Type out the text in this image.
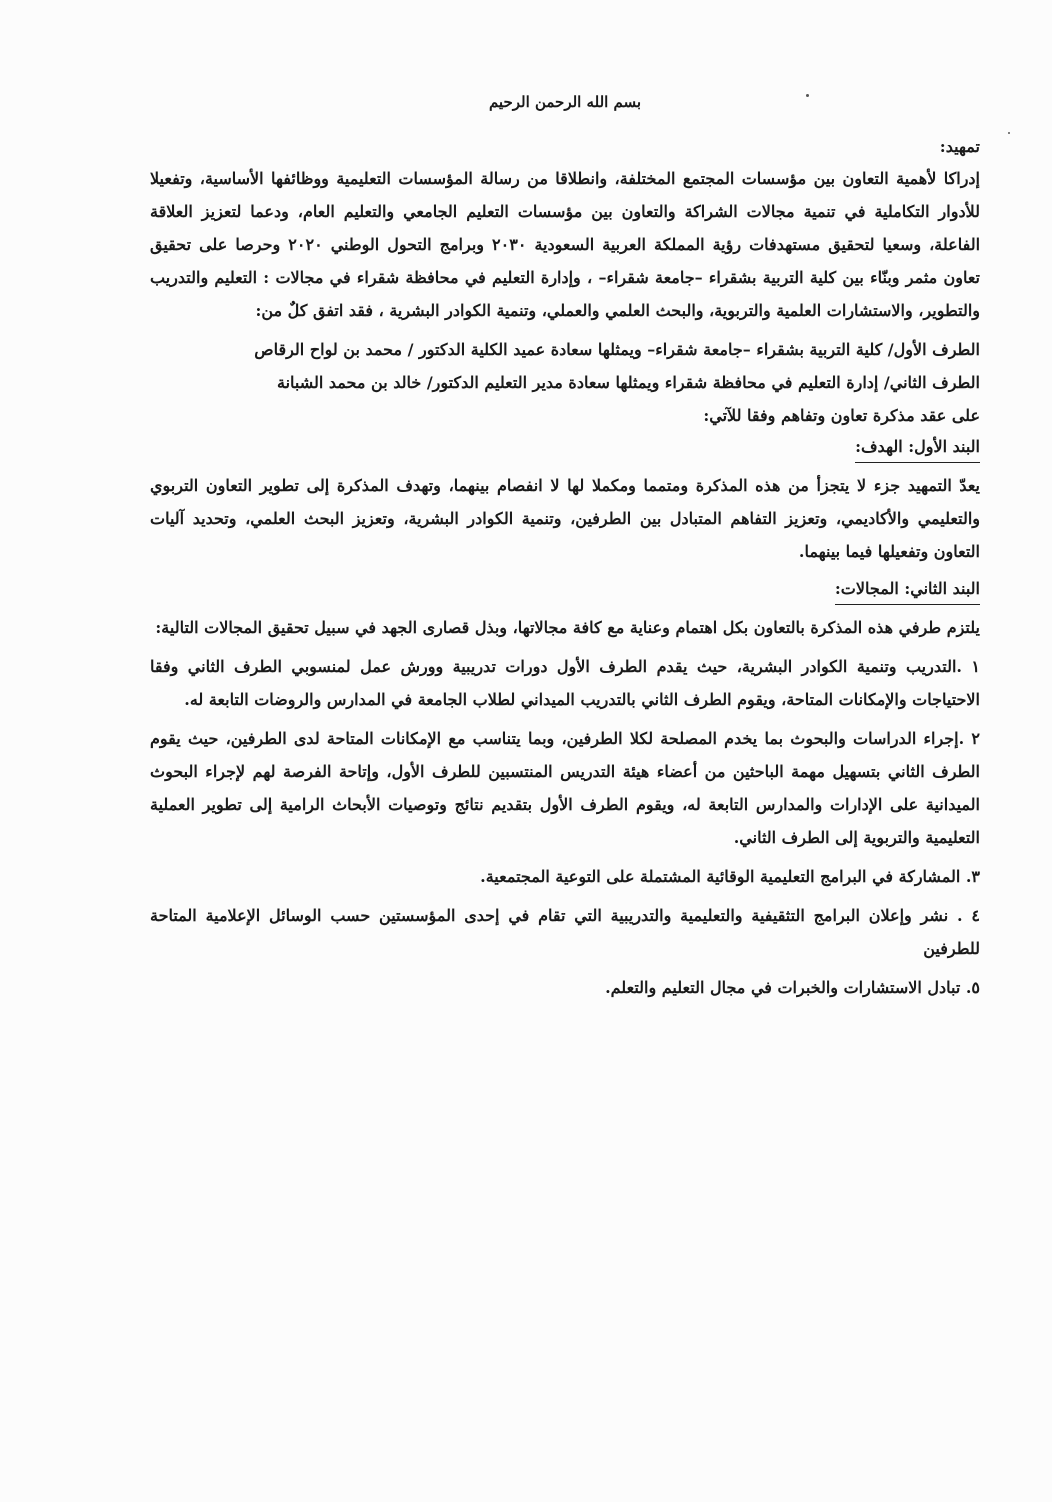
بسم الله الرحمن الرحيم

تمهيد:

إدراكا لأهمية التعاون بين مؤسسات المجتمع المختلفة، وانطلاقا من رسالة المؤسسات التعليمية ووظائفها الأساسية، وتفعيلا للأدوار التكاملية في تنمية مجالات الشراكة والتعاون بين مؤسسات التعليم الجامعي والتعليم العام، ودعما لتعزيز العلاقة الفاعلة، وسعيا لتحقيق مستهدفات رؤية المملكة العربية السعودية ٢٠٣٠ وبرامج التحول الوطني ٢٠٢٠ وحرصا على تحقيق تعاون مثمر وبنّاء بين كلية التربية بشقراء –جامعة شقراء– ، وإدارة التعليم في محافظة شقراء في مجالات : التعليم والتدريب والتطوير، والاستشارات العلمية والتربوية، والبحث العلمي والعملي، وتنمية الكوادر البشرية ، فقد اتفق كلٌ من:

الطرف الأول/ كلية التربية بشقراء –جامعة شقراء– ويمثلها سعادة عميد الكلية الدكتور / محمد بن لواح الرقاص

الطرف الثاني/ إدارة التعليم في محافظة شقراء ويمثلها سعادة مدير التعليم الدكتور/ خالد بن محمد الشبانة

على عقد مذكرة تعاون وتفاهم وفقا للآتي:

البند الأول: الهدف:

يعدّ التمهيد جزء لا يتجزأ من هذه المذكرة ومتمما ومكملا لها لا انفصام بينهما، وتهدف المذكرة إلى تطوير التعاون التربوي والتعليمي والأكاديمي، وتعزيز التفاهم المتبادل بين الطرفين، وتنمية الكوادر البشرية، وتعزيز البحث العلمي، وتحديد آليات التعاون وتفعيلها فيما بينهما.

البند الثاني: المجالات:

يلتزم طرفي هذه المذكرة بالتعاون بكل اهتمام وعناية مع كافة مجالاتها، وبذل قصارى الجهد في سبيل تحقيق المجالات التالية:

١ .التدريب وتنمية الكوادر البشرية، حيث يقدم الطرف الأول دورات تدريبية وورش عمل لمنسوبي الطرف الثاني وفقا الاحتياجات والإمكانات المتاحة، ويقوم الطرف الثاني بالتدريب الميداني لطلاب الجامعة في المدارس والروضات التابعة له.

٢ .إجراء الدراسات والبحوث بما يخدم المصلحة لكلا الطرفين، وبما يتناسب مع الإمكانات المتاحة لدى الطرفين، حيث يقوم الطرف الثاني بتسهيل مهمة الباحثين من أعضاء هيئة التدريس المنتسبين للطرف الأول، وإتاحة الفرصة لهم لإجراء البحوث الميدانية على الإدارات والمدارس التابعة له، ويقوم الطرف الأول بتقديم نتائج وتوصيات الأبحاث الرامية إلى تطوير العملية التعليمية والتربوية إلى الطرف الثاني.

٣. المشاركة في البرامج التعليمية الوقائية المشتملة على التوعية المجتمعية.

٤ . نشر وإعلان البرامج التثقيفية والتعليمية والتدريبية التي تقام في إحدى المؤسستين حسب الوسائل الإعلامية المتاحة للطرفين

٥. تبادل الاستشارات والخبرات في مجال التعليم والتعلم.
